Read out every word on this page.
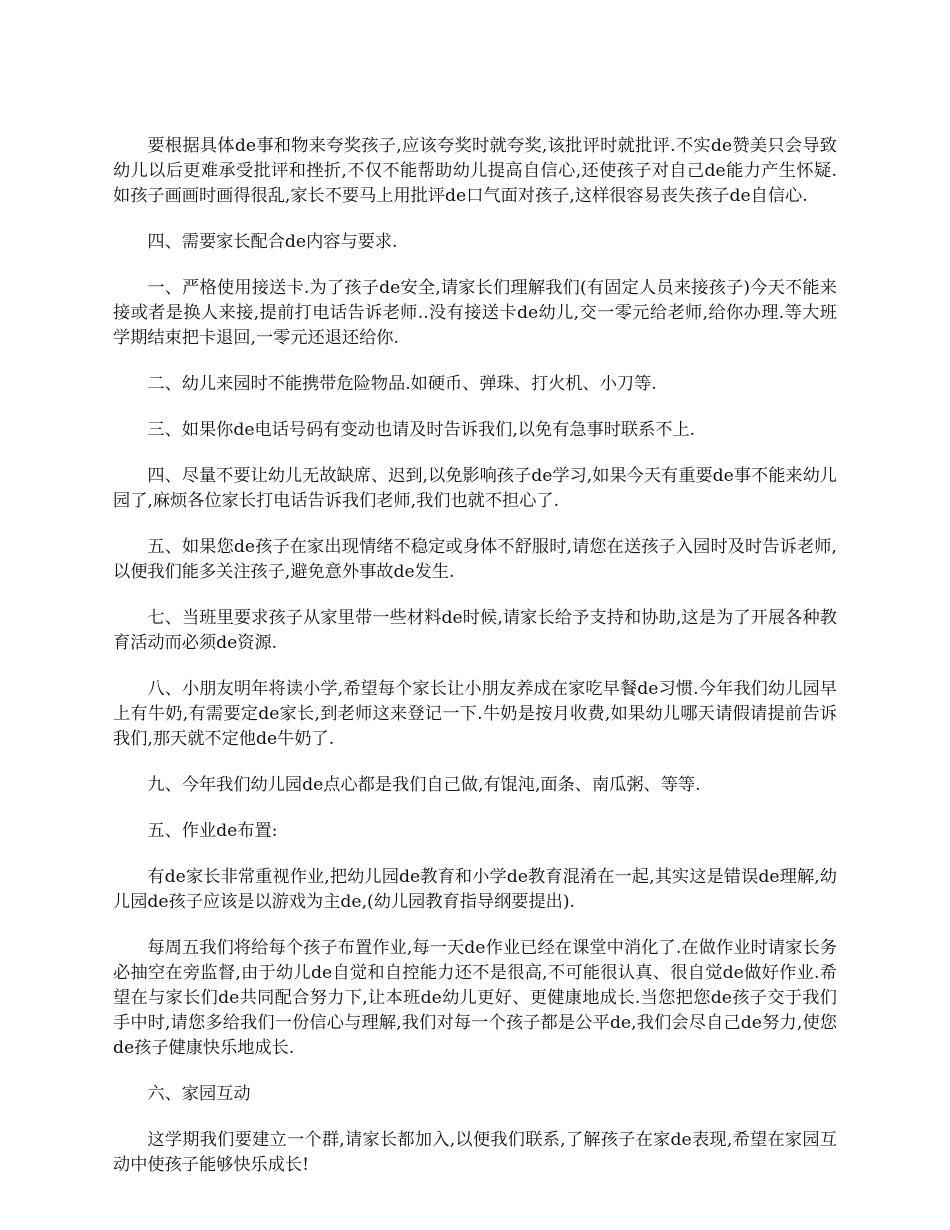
要根据具体de事和物来夸奖孩子,应该夸奖时就夸奖,该批评时就批评.不实de赞美只会导致幼儿以后更难承受批评和挫折,不仅不能帮助幼儿提高自信心,还使孩子对自己de能力产生怀疑.如孩子画画时画得很乱,家长不要马上用批评de口气面对孩子,这样很容易丧失孩子de自信心.

四、需要家长配合de内容与要求.

一、严格使用接送卡.为了孩子de安全,请家长们理解我们(有固定人员来接孩子)今天不能来接或者是换人来接,提前打电话告诉老师..没有接送卡de幼儿,交一零元给老师,给你办理.等大班学期结束把卡退回,一零元还退还给你.

二、幼儿来园时不能携带危险物品.如硬币、弹珠、打火机、小刀等.

三、如果你de电话号码有变动也请及时告诉我们,以免有急事时联系不上.

四、尽量不要让幼儿无故缺席、迟到,以免影响孩子de学习,如果今天有重要de事不能来幼儿园了,麻烦各位家长打电话告诉我们老师,我们也就不担心了.

五、如果您de孩子在家出现情绪不稳定或身体不舒服时,请您在送孩子入园时及时告诉老师,以便我们能多关注孩子,避免意外事故de发生.

七、当班里要求孩子从家里带一些材料de时候,请家长给予支持和协助,这是为了开展各种教育活动而必须de资源.

八、小朋友明年将读小学,希望每个家长让小朋友养成在家吃早餐de习惯.今年我们幼儿园早上有牛奶,有需要定de家长,到老师这来登记一下.牛奶是按月收费,如果幼儿哪天请假请提前告诉我们,那天就不定他de牛奶了.

九、今年我们幼儿园de点心都是我们自己做,有馄沌,面条、南瓜粥、等等.

五、作业de布置:

有de家长非常重视作业,把幼儿园de教育和小学de教育混淆在一起,其实这是错误de理解,幼儿园de孩子应该是以游戏为主de,(幼儿园教育指导纲要提出).

每周五我们将给每个孩子布置作业,每一天de作业已经在课堂中消化了.在做作业时请家长务必抽空在旁监督,由于幼儿de自觉和自控能力还不是很高,不可能很认真、很自觉de做好作业.希望在与家长们de共同配合努力下,让本班de幼儿更好、更健康地成长.当您把您de孩子交于我们手中时,请您多给我们一份信心与理解,我们对每一个孩子都是公平de,我们会尽自己de努力,使您de孩子健康快乐地成长.

六、家园互动

这学期我们要建立一个群,请家长都加入,以便我们联系,了解孩子在家de表现,希望在家园互动中使孩子能够快乐成长!
